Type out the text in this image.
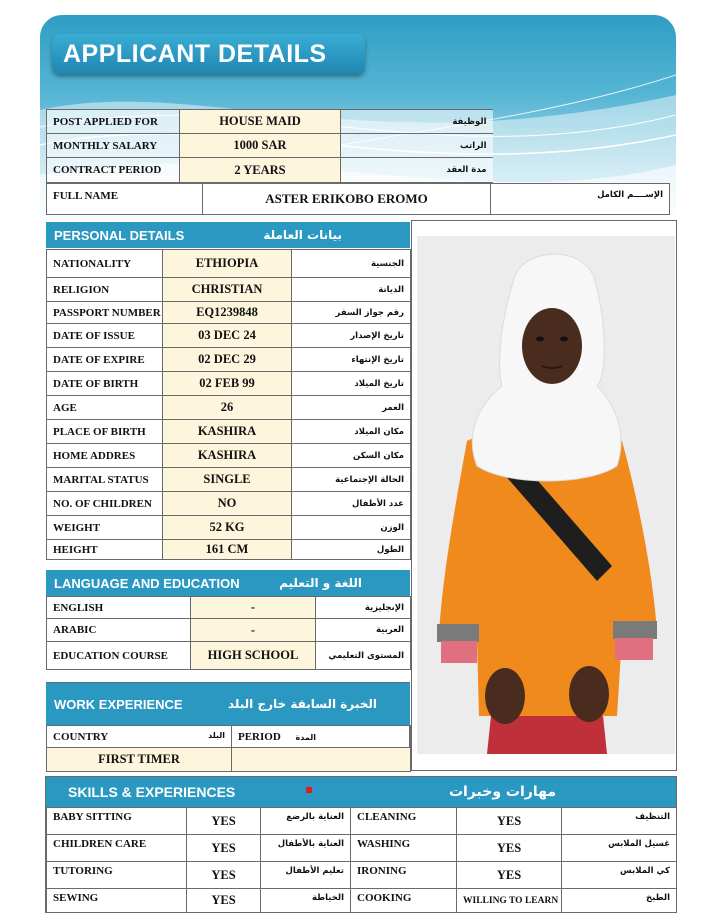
APPLICANT DETAILS
POST APPLIED FOR	HOUSE MAID	الوظيفة
MONTHLY SALARY	1000 SAR	الراتب
CONTRACT PERIOD	2 YEARS	مدة العقد
FULL NAME	ASTER ERIKOBO EROMO	الإســــم الكامل
PERSONAL DETAILS	بيانات العاملة
NATIONALITY	ETHIOPIA	الجنسية
RELIGION	CHRISTIAN	الديانة
PASSPORT NUMBER	EQ1239848	رقم جواز السفر
DATE OF ISSUE	03 DEC 24	تاريخ الإصدار
DATE OF EXPIRE	02 DEC 29	تاريخ الإنتهاء
DATE OF BIRTH	02 FEB 99	تاريخ الميلاد
AGE	26	العمر
PLACE OF BIRTH	KASHIRA	مكان الميلاد
HOME ADDRES	KASHIRA	مكان السكن
MARITAL STATUS	SINGLE	الحالة الإجتماعية
NO. OF CHILDREN	NO	عدد الأطفال
WEIGHT	52 KG	الوزن
HEIGHT	161 CM	الطول
LANGUAGE AND EDUCATION	اللغة و التعليم
ENGLISH	-	الإنجليزية
ARABIC	-	العربية
EDUCATION COURSE	HIGH SCHOOL	المستوى التعليمي
WORK EXPERIENCE	الخبرة السابقة خارج البلد
COUNTRY البلد	PERIOD المدة
FIRST TIMER	
SKILLS & EXPERIENCES	مهارات وخبرات
BABY SITTING	YES	العناية بالرضع	CLEANING	YES	التنظيف
CHILDREN CARE	YES	العناية بالأطفال	WASHING	YES	غسيل الملابس
TUTORING	YES	تعليم الأطفال	IRONING	YES	كي الملابس
SEWING	YES	الخياطة	COOKING	WILLING TO LEARN	الطبخ
